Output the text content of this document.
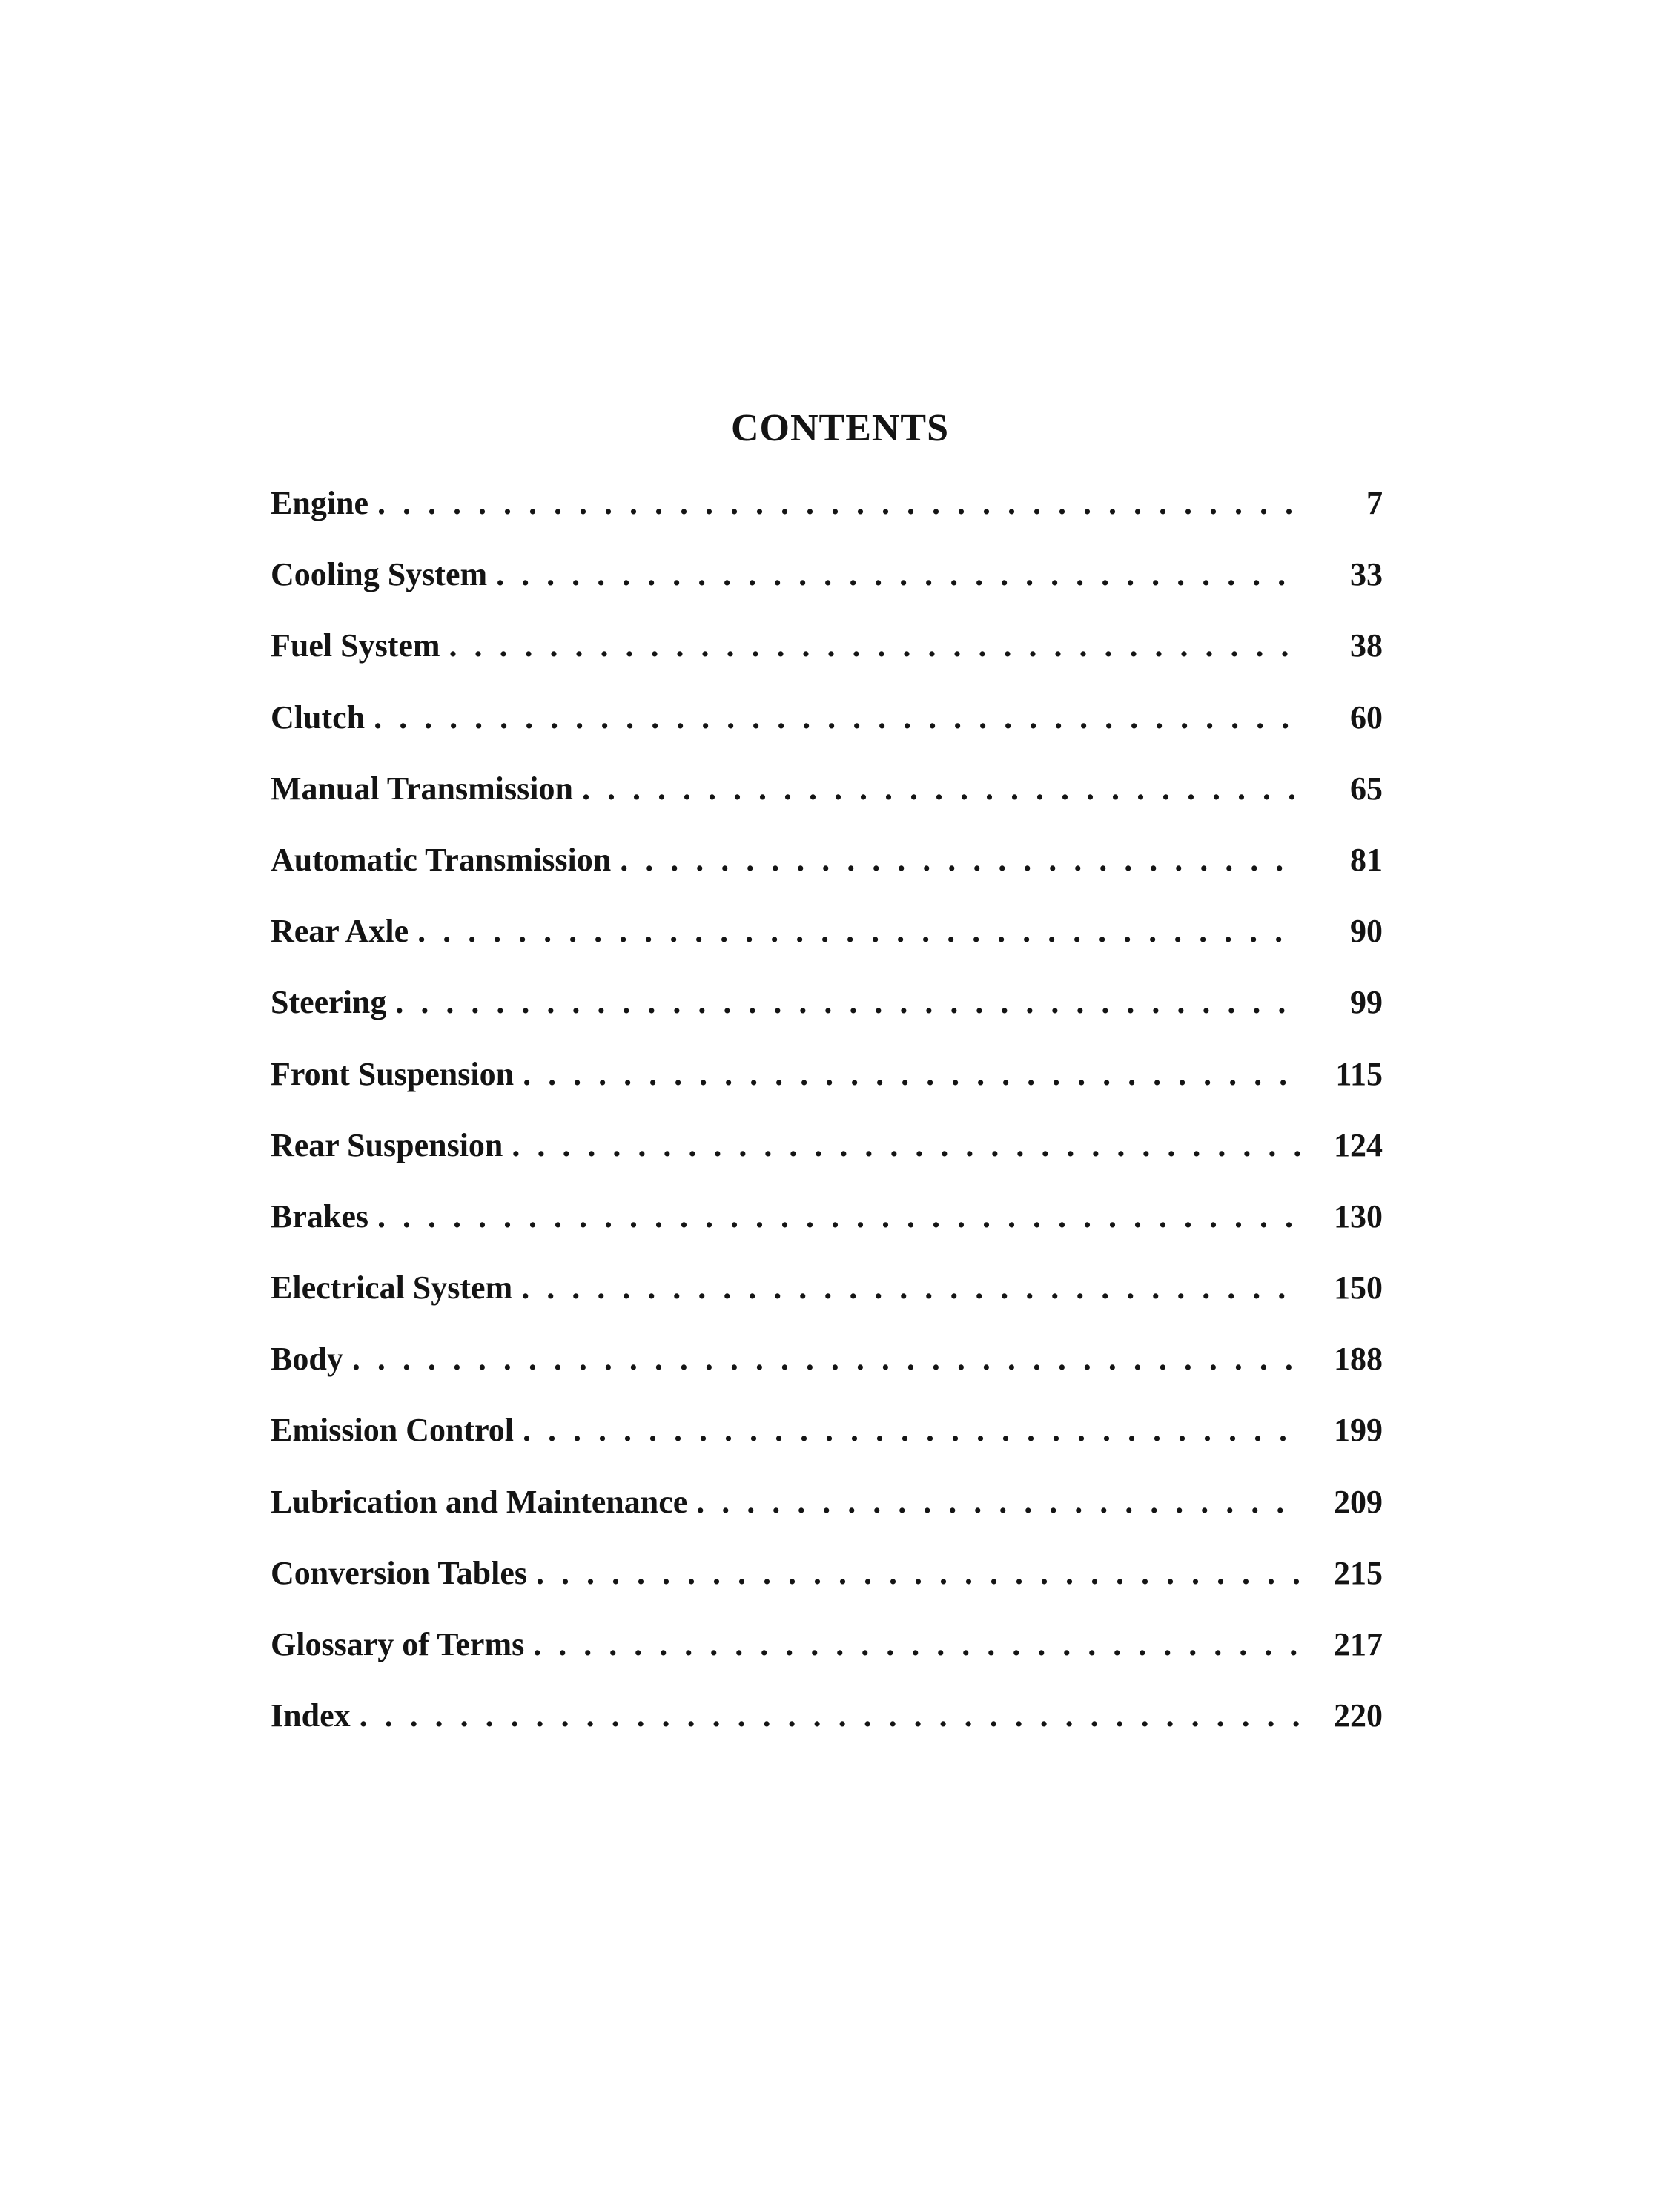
CONTENTS
Engine . . .	7
Cooling System . . .	33
Fuel System . . .	38
Clutch . . .	60
Manual Transmission . . .	65
Automatic Transmission . . .	81
Rear Axle . . .	90
Steering . . .	99
Front Suspension . . .	115
Rear Suspension . . .	124
Brakes . . .	130
Electrical System . . .	150
Body . . .	188
Emission Control . . .	199
Lubrication and Maintenance . . .	209
Conversion Tables . . .	215
Glossary of Terms . . .	217
Index . . .	220
